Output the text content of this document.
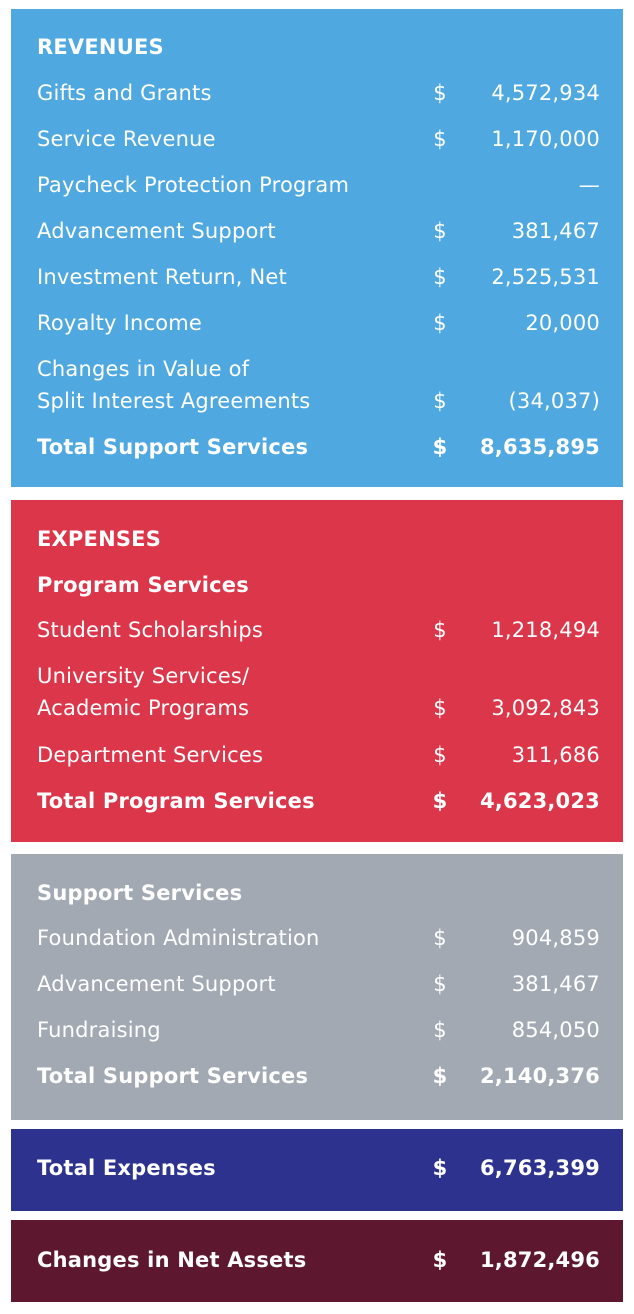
REVENUES
Gifts and Grants	$ 4,572,934
Service Revenue	$ 1,170,000
Paycheck Protection Program	—
Advancement Support	$	381,467
Investment Return, Net	$ 2,525,531
Royalty Income	$	20,000
Changes in Value of
Split Interest Agreements	$	(34,037)
Total Support Services	$ 8,635,895
EXPENSES
Program Services
Student Scholarships	$ 1,218,494
University Services/
Academic Programs	$ 3,092,843
Department Services	$	311,686
Total Program Services	$ 4,623,023
Support Services
Foundation Administration	$	904,859
Advancement Support	$	381,467
Fundraising	$	854,050
Total Support Services	$ 2,140,376
Total Expenses	$ 6,763,399
Changes in Net Assets	$ 1,872,496
